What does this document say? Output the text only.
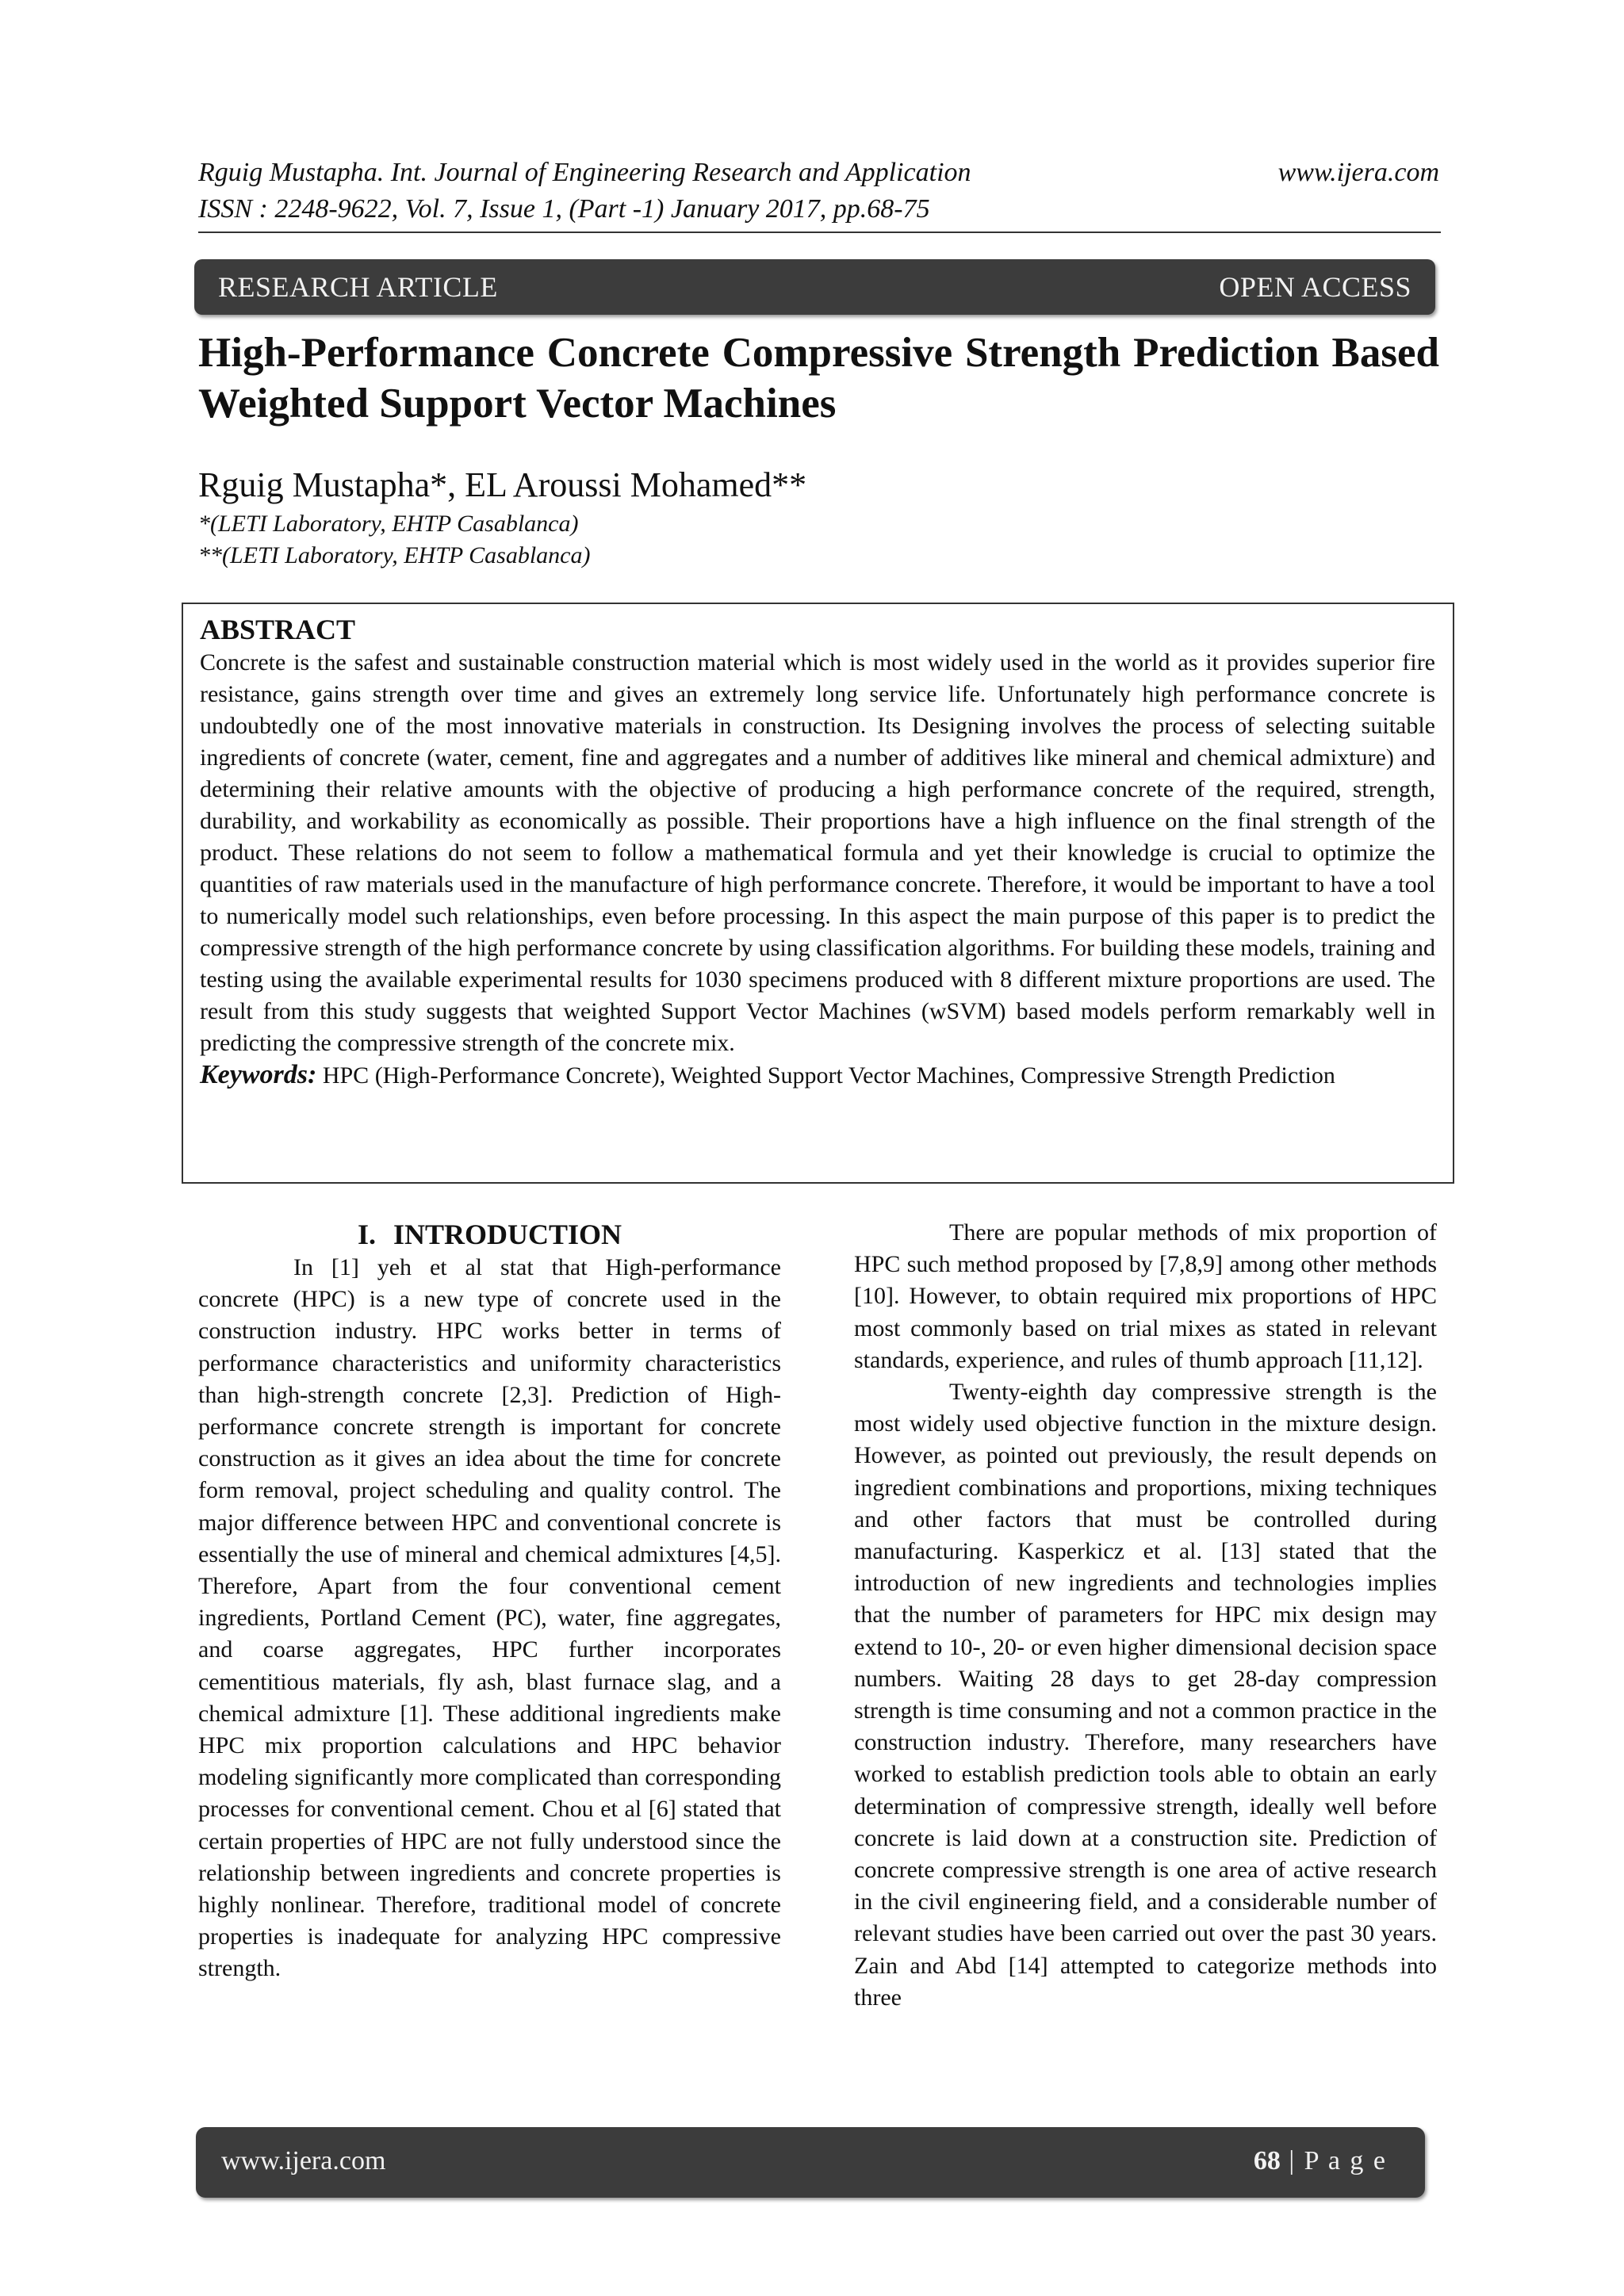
Rguig Mustapha. Int. Journal of Engineering Research and Application
ISSN : 2248-9622, Vol. 7, Issue 1, (Part -1) January 2017, pp.68-75
www.ijera.com
RESEARCH ARTICLE	OPEN ACCESS
High-Performance Concrete Compressive Strength Prediction Based Weighted Support Vector Machines
Rguig Mustapha*, EL Aroussi Mohamed**
*(LETI Laboratory, EHTP Casablanca)
**(LETI Laboratory, EHTP Casablanca)
ABSTRACT
Concrete is the safest and sustainable construction material which is most widely used in the world as it provides superior fire resistance, gains strength over time and gives an extremely long service life. Unfortunately high performance concrete is undoubtedly one of the most innovative materials in construction. Its Designing involves the process of selecting suitable ingredients of concrete (water, cement, fine and aggregates and a number of additives like mineral and chemical admixture) and determining their relative amounts with the objective of producing a high performance concrete of the required, strength, durability, and workability as economically as possible. Their proportions have a high influence on the final strength of the product. These relations do not seem to follow a mathematical formula and yet their knowledge is crucial to optimize the quantities of raw materials used in the manufacture of high performance concrete. Therefore, it would be important to have a tool to numerically model such relationships, even before processing. In this aspect the main purpose of this paper is to predict the compressive strength of the high performance concrete by using classification algorithms. For building these models, training and testing using the available experimental results for 1030 specimens produced with 8 different mixture proportions are used. The result from this study suggests that weighted Support Vector Machines (wSVM) based models perform remarkably well in predicting the compressive strength of the concrete mix.
Keywords: HPC (High-Performance Concrete), Weighted Support Vector Machines, Compressive Strength Prediction
I. INTRODUCTION

In [1] yeh et al stat that High-performance concrete (HPC) is a new type of concrete used in the construction industry. HPC works better in terms of performance characteristics and uniformity characteristics than high-strength concrete [2,3]. Prediction of High-performance concrete strength is important for concrete construction as it gives an idea about the time for concrete form removal, project scheduling and quality control. The major difference between HPC and conventional concrete is essentially the use of mineral and chemical admixtures [4,5]. Therefore, Apart from the four conventional cement ingredients, Portland Cement (PC), water, fine aggregates, and coarse aggregates, HPC further incorporates cementitious materials, fly ash, blast furnace slag, and a chemical admixture [1]. These additional ingredients make HPC mix proportion calculations and HPC behavior modeling significantly more complicated than corresponding processes for conventional cement. Chou et al [6] stated that certain properties of HPC are not fully understood since the relationship between ingredients and concrete properties is highly nonlinear. Therefore, traditional model of concrete properties is inadequate for analyzing HPC compressive strength.

There are popular methods of mix proportion of HPC such method proposed by [7,8,9] among other methods [10]. However, to obtain required mix proportions of HPC most commonly based on trial mixes as stated in relevant standards, experience, and rules of thumb approach [11,12].

Twenty-eighth day compressive strength is the most widely used objective function in the mixture design. However, as pointed out previously, the result depends on ingredient combinations and proportions, mixing techniques and other factors that must be controlled during manufacturing. Kasperkicz et al. [13] stated that the introduction of new ingredients and technologies implies that the number of parameters for HPC mix design may extend to 10-, 20- or even higher dimensional decision space numbers. Waiting 28 days to get 28-day compression strength is time consuming and not a common practice in the construction industry. Therefore, many researchers have worked to establish prediction tools able to obtain an early determination of compressive strength, ideally well before concrete is laid down at a construction site. Prediction of concrete compressive strength is one area of active research in the civil engineering field, and a considerable number of relevant studies have been carried out over the past 30 years. Zain and Abd [14] attempted to categorize methods into three

www.ijera.com	68 | P a g e
